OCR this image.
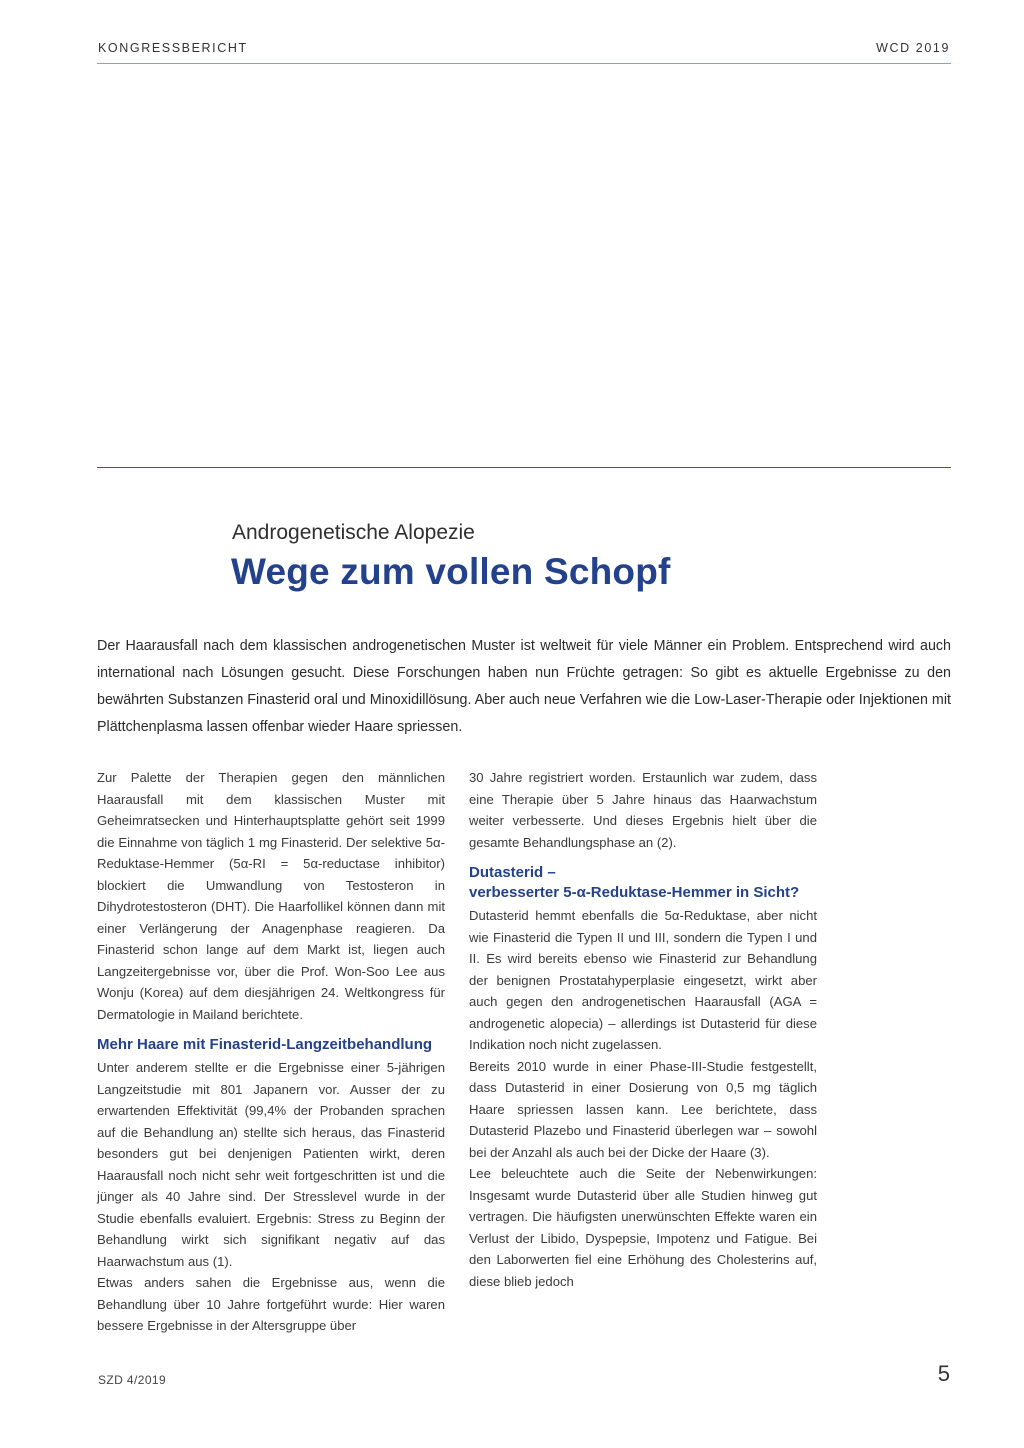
KONGRESSBERICHT	WCD 2019
Androgenetische Alopezie
Wege zum vollen Schopf

Der Haarausfall nach dem klassischen androgenetischen Muster ist weltweit für viele Männer ein Problem. Entsprechend wird auch international nach Lösungen gesucht. Diese Forschungen haben nun Früchte getragen: So gibt es aktuelle Ergebnisse zu den bewährten Substanzen Finasterid oral und Minoxidillösung. Aber auch neue Verfahren wie die Low-Laser-Therapie oder Injektionen mit Plättchenplasma lassen offenbar wieder Haare spriessen.

Zur Palette der Therapien gegen den männlichen Haarausfall mit dem klassischen Muster mit Geheimratsecken und Hinterhauptsplatte gehört seit 1999 die Einnahme von täglich 1 mg Finasterid. Der selektive 5α-Reduktase-Hemmer (5α-RI = 5α-reductase inhibitor) blockiert die Umwandlung von Testosteron in Dihydrotestosteron (DHT). Die Haarfollikel können dann mit einer Verlängerung der Anagenphase reagieren. Da Finasterid schon lange auf dem Markt ist, liegen auch Langzeitergebnisse vor, über die Prof. Won-Soo Lee aus Wonju (Korea) auf dem diesjährigen 24. Weltkongress für Dermatologie in Mailand berichtete.

Mehr Haare mit Finasterid-Langzeitbehandlung

Unter anderem stellte er die Ergebnisse einer 5-jährigen Langzeitstudie mit 801 Japanern vor. Ausser der zu erwartenden Effektivität (99,4% der Probanden sprachen auf die Behandlung an) stellte sich heraus, das Finasterid besonders gut bei denjenigen Patienten wirkt, deren Haarausfall noch nicht sehr weit fortgeschritten ist und die jünger als 40 Jahre sind. Der Stresslevel wurde in der Studie ebenfalls evaluiert. Ergebnis: Stress zu Beginn der Behandlung wirkt sich signifikant negativ auf das Haarwachstum aus (1).

Etwas anders sahen die Ergebnisse aus, wenn die Behandlung über 10 Jahre fortgeführt wurde: Hier waren bessere Ergebnisse in der Altersgruppe über

30 Jahre registriert worden. Erstaunlich war zudem, dass eine Therapie über 5 Jahre hinaus das Haarwachstum weiter verbesserte. Und dieses Ergebnis hielt über die gesamte Behandlungsphase an (2).

Dutasterid –
verbesserter 5-α-Reduktase-Hemmer in Sicht?

Dutasterid hemmt ebenfalls die 5α-Reduktase, aber nicht wie Finasterid die Typen II und III, sondern die Typen I und II. Es wird bereits ebenso wie Finasterid zur Behandlung der benignen Prostatahyperplasie eingesetzt, wirkt aber auch gegen den androgenetischen Haarausfall (AGA = androgenetic alopecia) – allerdings ist Dutasterid für diese Indikation noch nicht zugelassen.

Bereits 2010 wurde in einer Phase-III-Studie festgestellt, dass Dutasterid in einer Dosierung von 0,5 mg täglich Haare spriessen lassen kann. Lee berichtete, dass Dutasterid Plazebo und Finasterid überlegen war – sowohl bei der Anzahl als auch bei der Dicke der Haare (3).

Lee beleuchtete auch die Seite der Nebenwirkungen: Insgesamt wurde Dutasterid über alle Studien hinweg gut vertragen. Die häufigsten unerwünschten Effekte waren ein Verlust der Libido, Dyspepsie, Impotenz und Fatigue. Bei den Laborwerten fiel eine Erhöhung des Cholesterins auf, diese blieb jedoch

SZD 4/2019	5
